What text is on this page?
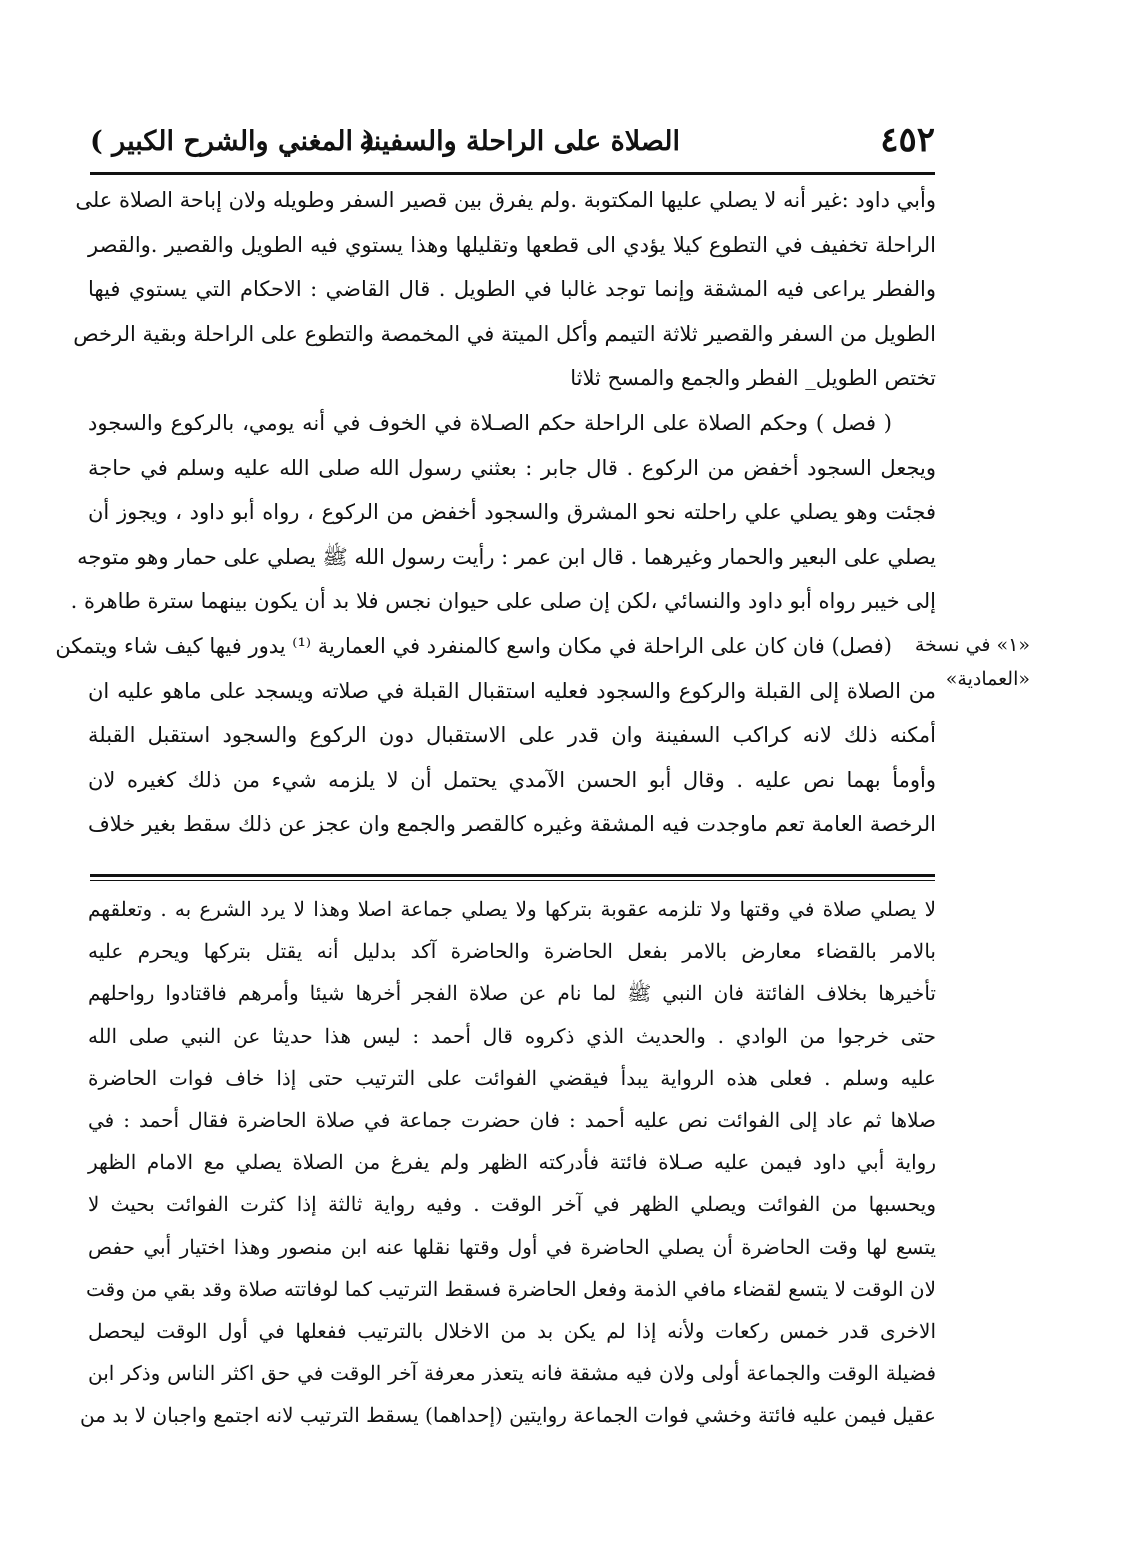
٤٥٢
الصلاة على الراحلة والسفينة
( المغني والشرح الكبير )
وأبي داود :غير أنه لا يصلي عليها المكتوبة .ولم يفرق بين قصير السفر وطويله ولان إباحة الصلاة على
الراحلة تخفيف في التطوع كيلا يؤدي الى قطعها وتقليلها وهذا يستوي فيه الطويل والقصير .والقصر
والفطر يراعى فيه المشقة وإنما توجد غالبا في الطويل . قال القاضي : الاحكام التي يستوي فيها
الطويل من السفر والقصير ثلاثة التيمم وأكل الميتة في المخمصة والتطوع على الراحلة وبقية الرخص
تختص الطويل_ الفطر والجمع والمسح ثلاثا
( فصل ) وحكم الصلاة على الراحلة حكم الصـلاة في الخوف في أنه يومي، بالركوع والسجود
ويجعل السجود أخفض من الركوع . قال جابر : بعثني رسول الله صلى الله عليه وسلم في حاجة
فجئت وهو يصلي علي راحلته نحو المشرق والسجود أخفض من الركوع ، رواه أبو داود ، ويجوز أن
يصلي على البعير والحمار وغيرهما . قال ابن عمر : رأيت رسول الله ﷺ يصلي على حمار وهو متوجه
إلى خيبر رواه أبو داود والنسائي ،لكن إن صلى على حيوان نجس فلا بد أن يكون بينهما سترة طاهرة .
(فصل) فان كان على الراحلة في مكان واسع كالمنفرد في العمارية ⁽¹⁾ يدور فيها كيف شاء ويتمكن
من الصلاة إلى القبلة والركوع والسجود فعليه استقبال القبلة في صلاته ويسجد على ماهو عليه ان
أمكنه ذلك لانه كراكب السفينة وان قدر على الاستقبال دون الركوع والسجود استقبل القبلة
وأومأ بهما نص عليه . وقال أبو الحسن الآمدي يحتمل أن لا يلزمه شيء من ذلك كغيره لان
الرخصة العامة تعم ماوجدت فيه المشقة وغيره كالقصر والجمع وان عجز عن ذلك سقط بغير خلاف
«١» في نسخة
«العمادية»
لا يصلي صلاة في وقتها ولا تلزمه عقوبة بتركها ولا يصلي جماعة اصلا وهذا لا يرد الشرع به . وتعلقهم
بالامر بالقضاء معارض بالامر بفعل الحاضرة والحاضرة آكد بدليل أنه يقتل بتركها ويحرم عليه
تأخيرها بخلاف الفائتة فان النبي ﷺ لما نام عن صلاة الفجر أخرها شيئا وأمرهم فاقتادوا رواحلهم
حتى خرجوا من الوادي . والحديث الذي ذكروه قال أحمد : ليس هذا حديثا عن النبي صلى الله
عليه وسلم . فعلى هذه الرواية يبدأ فيقضي الفوائت على الترتيب حتى إذا خاف فوات الحاضرة
صلاها ثم عاد إلى الفوائت نص عليه أحمد : فان حضرت جماعة في صلاة الحاضرة فقال أحمد : في
رواية أبي داود فيمن عليه صـلاة فائتة فأدركته الظهر ولم يفرغ من الصلاة يصلي مع الامام الظهر
ويحسبها من الفوائت ويصلي الظهر في آخر الوقت . وفيه رواية ثالثة إذا كثرت الفوائت بحيث لا
يتسع لها وقت الحاضرة أن يصلي الحاضرة في أول وقتها نقلها عنه ابن منصور وهذا اختيار أبي حفص
لان الوقت لا يتسع لقضاء مافي الذمة وفعل الحاضرة فسقط الترتيب كما لوفاتته صلاة وقد بقي من وقت
الاخرى قدر خمس ركعات ولأنه إذا لم يكن بد من الاخلال بالترتيب ففعلها في أول الوقت ليحصل
فضيلة الوقت والجماعة أولى ولان فيه مشقة فانه يتعذر معرفة آخر الوقت في حق اكثر الناس وذكر ابن
عقيل فيمن عليه فائتة وخشي فوات الجماعة روايتين (إحداهما) يسقط الترتيب لانه اجتمع واجبان لا بد من
